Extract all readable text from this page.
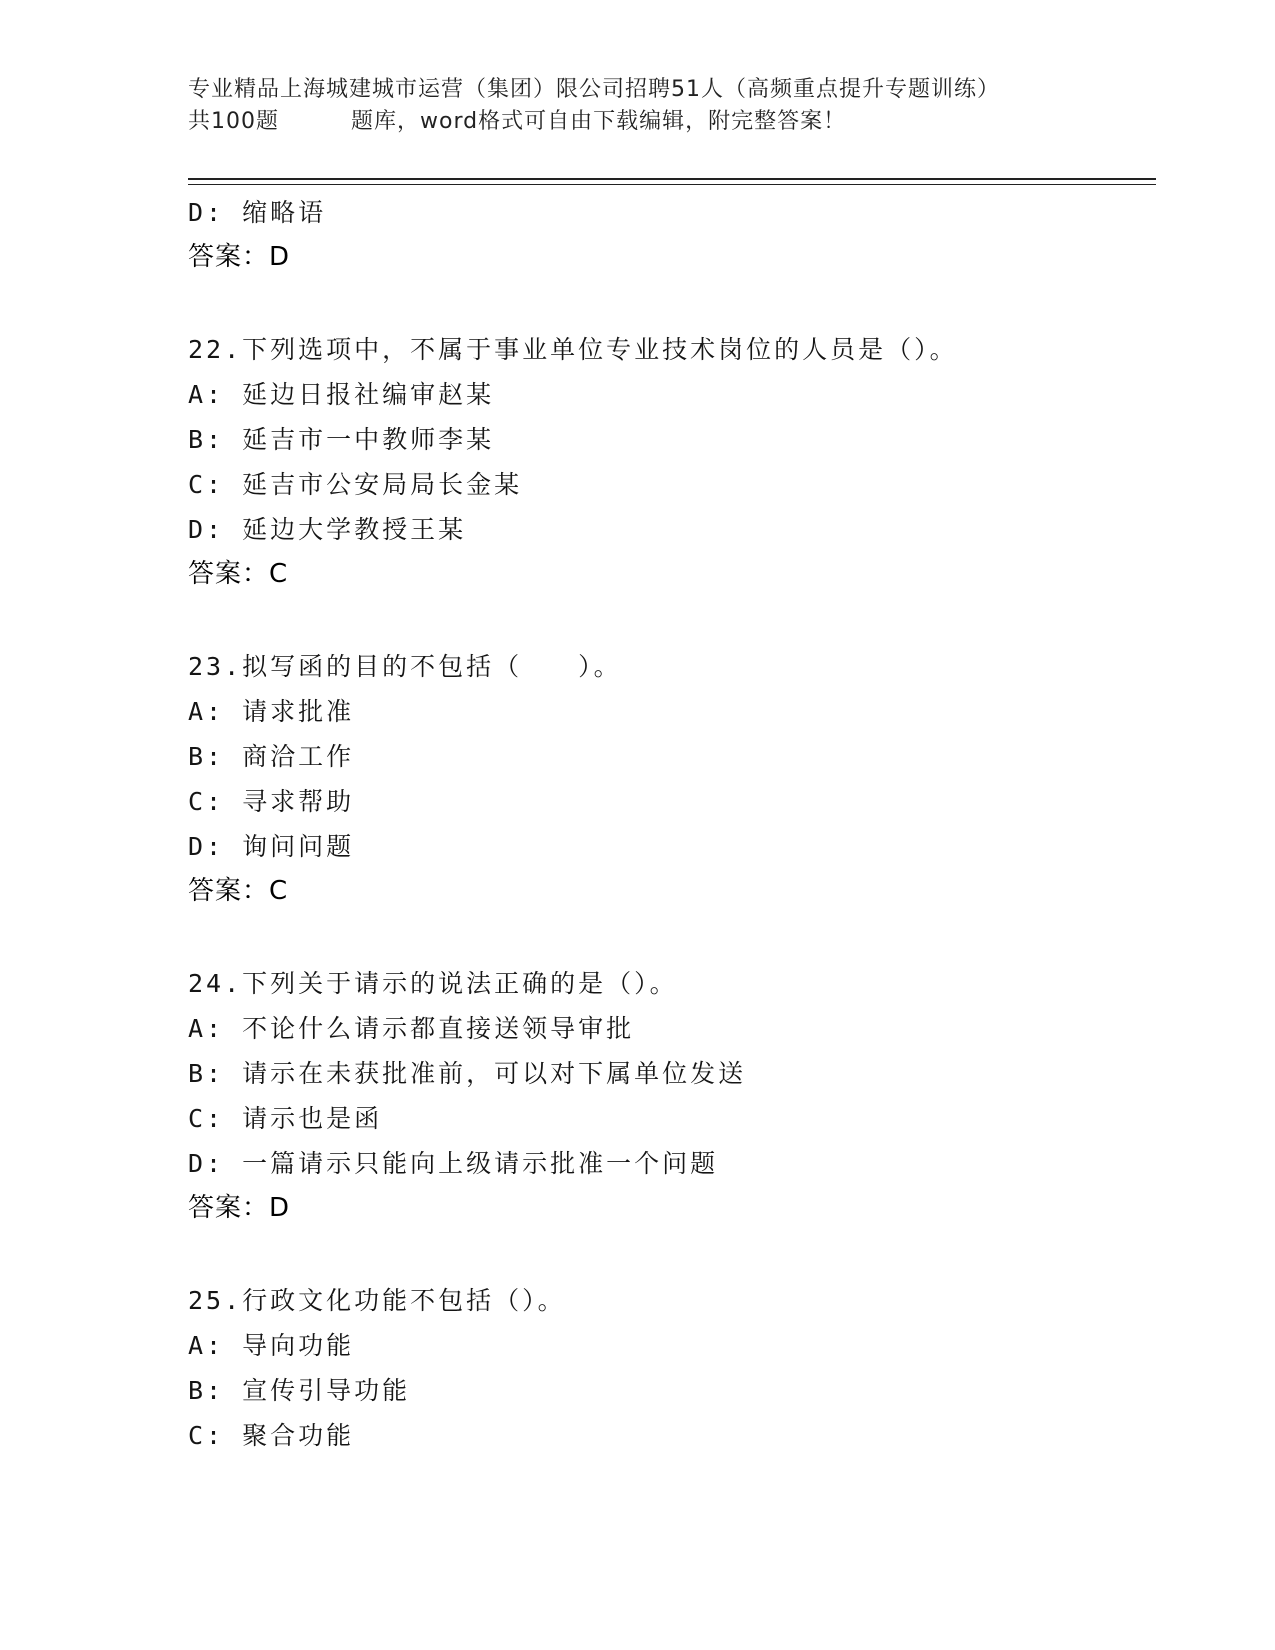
专业精品上海城建城市运营（集团）限公司招聘51人（高频重点提升专题训练）
共100题	题库，word格式可自由下载编辑，附完整答案！
D: 缩略语
答案：D
22.下列选项中，不属于事业单位专业技术岗位的人员是（）。
A: 延边日报社编审赵某
B: 延吉市一中教师李某
C: 延吉市公安局局长金某
D: 延边大学教授王某
答案：C
23.拟写函的目的不包括（　　）。
A: 请求批准
B: 商洽工作
C: 寻求帮助
D: 询问问题
答案：C
24.下列关于请示的说法正确的是（）。
A: 不论什么请示都直接送领导审批
B: 请示在未获批准前，可以对下属单位发送
C: 请示也是函
D: 一篇请示只能向上级请示批准一个问题
答案：D
25.行政文化功能不包括（）。
A: 导向功能
B: 宣传引导功能
C: 聚合功能
